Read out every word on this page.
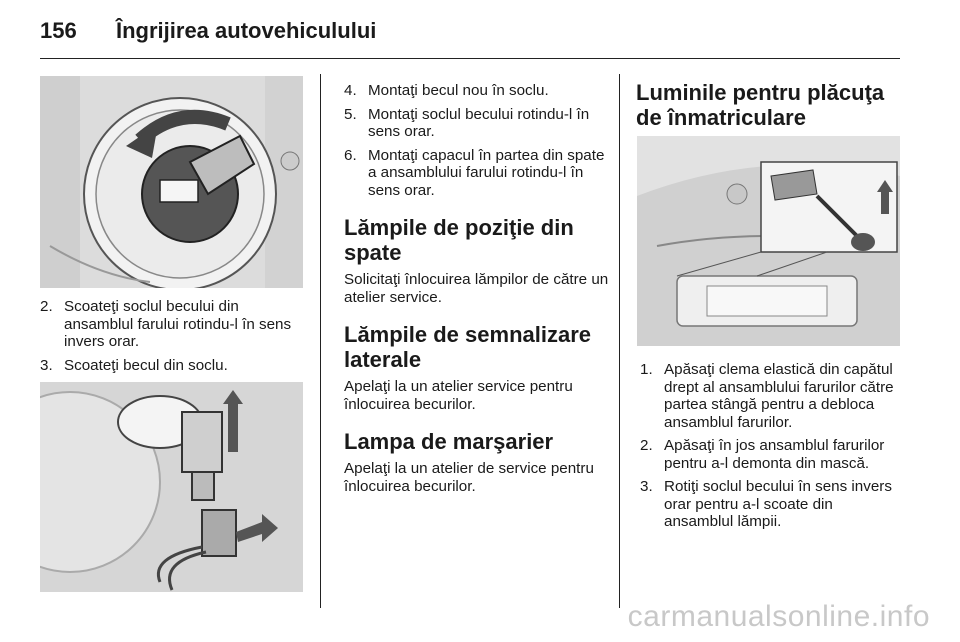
156 Îngrijirea autovehiculului
2. Scoateţi soclul becului din ansamblul farului rotindu-l în sens invers orar.
3. Scoateţi becul din soclu.
4. Montaţi becul nou în soclu.
5. Montaţi soclul becului rotindu-l în sens orar.
6. Montaţi capacul în partea din spate a ansamblului farului rotindu-l în sens orar.
Lămpile de poziţie din spate

Solicitaţi înlocuirea lămpilor de către un atelier service.

Lămpile de semnalizare laterale

Apelaţi la un atelier service pentru înlocuirea becurilor.

Lampa de marşarier

Apelaţi la un atelier de service pentru înlocuirea becurilor.

Luminile pentru plăcuţa de înmatriculare
1. Apăsaţi clema elastică din capătul drept al ansamblului farurilor către partea stângă pentru a debloca ansamblul farurilor.
2. Apăsaţi în jos ansamblul farurilor pentru a-l demonta din mască.
3. Rotiţi soclul becului în sens invers orar pentru a-l scoate din ansamblul lămpii.
carmanualsonline.info
